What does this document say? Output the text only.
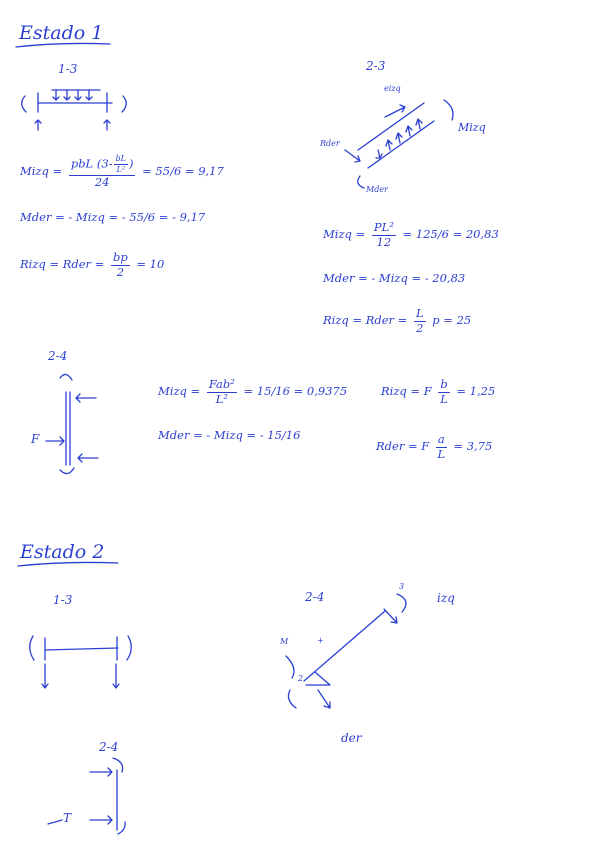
Estado 1
1-3
Mizq = $\frac{pbL (3- \frac{bL}{\text{L²}} )}{24} = 55/6 = 9,17$
Mder = - Mizq = - 55/6 = - 9,17
Rizq = Rder = $\frac{bp}{2} = 10$
2-3
eizq
Mizq
Rder
Mder
Mizq = $\frac{\text{PL²}}{12} = 125/6 = 20,83$
Mder = - Mizq = - 20,83
Rizq = Rder = $\frac{L}{2}$ p = 25
2-4
F
Mizq = $\frac{\text{Fab²}}{\text{L²}} = 15/16 = 0,9375$
Mder = - Mizq = - 15/16
Rizq = F $\frac{b}{L} = 1,25$
Rder = F $\frac{a}{L} = 3,75$
Estado 2
1-3	2-4
3
izq
M	+
2
der
2-4
T
